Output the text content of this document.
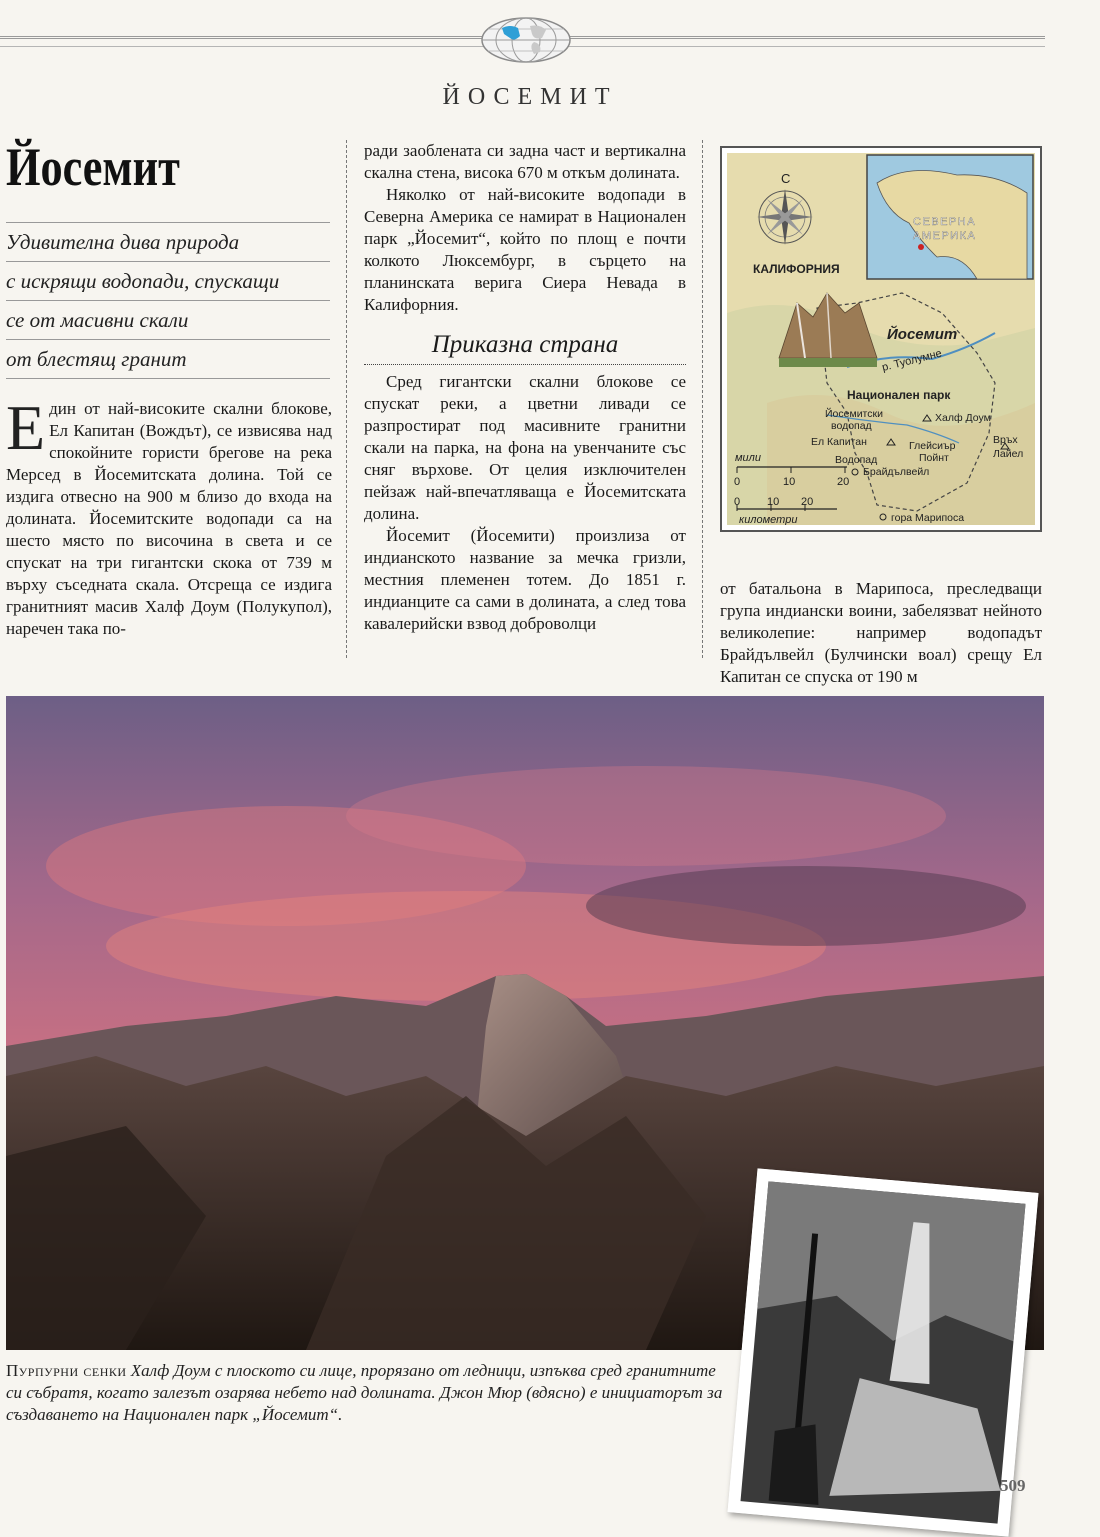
ЙОСЕМИТ
Йосемит
Удивителна дива природа
с искрящи водопади, спускащи
се от масивни скали
от блестящ гранит

Един от най-високите скални блокове, Ел Капитан (Вождът), се извисява над спокойните гористи брегове на река Мерсед в Йосемитската долина. Той се издига отвесно на 900 м близо до входа на долината. Йосемитските водопади са на шесто място по височина в света и се спускат на три гигантски скока от 739 м върху съседната скала. Отсреща се издига гранитният масив Халф Доум (Полукупол), наречен така по-

ради заоблената си задна част и вертикална скална стена, висока 670 м откъм долината.

Няколко от най-високите водопади в Северна Америка се намират в Национален парк „Йосемит“, който по площ е почти колкото Люксембург, в сърцето на планинската верига Сиера Невада в Калифорния.

Приказна страна

Сред гигантски скални блокове се спускат реки, а цветни ливади се разпростират под масивните гранитни скали на парка, на фона на увенчаните със сняг върхове. От целия изключителен пейзаж най-впечатляваща е Йосемитската долина.

Йосемит (Йосемити) произлиза от индианското название за мечка гризли, местния племенен тотем. До 1851 г. индианците са сами в долината, а след това кавалерийски взвод доброволци

СЕВЕРНА
АМЕРИКА
С
КАЛИФОРНИЯ
Йосемит
р. Туолумне
Национален парк
Йосемитски
водопад
Халф Доум
Ел Капитан	Глейсиър
Пойнт
Връх
Лайел
Водопад
Брайдълвейл
гора Марипоса
мили
0	10	20
0 10 20
километри

от батальона в Марипоса, преследващи група индиански воини, забелязват нейното великолепие: например водопадът Брайдълвейл (Булчински воал) срещу Ел Капитан се спуска от 190 м

Пурпурни сенки Халф Доум с плоското си лице, прорязано от ледници, изпъква сред гранитните си събратя, когато залезът озарява небето над долината. Джон Мюр (вдясно) е инициаторът за създаването на Национален парк „Йосемит“.
509
